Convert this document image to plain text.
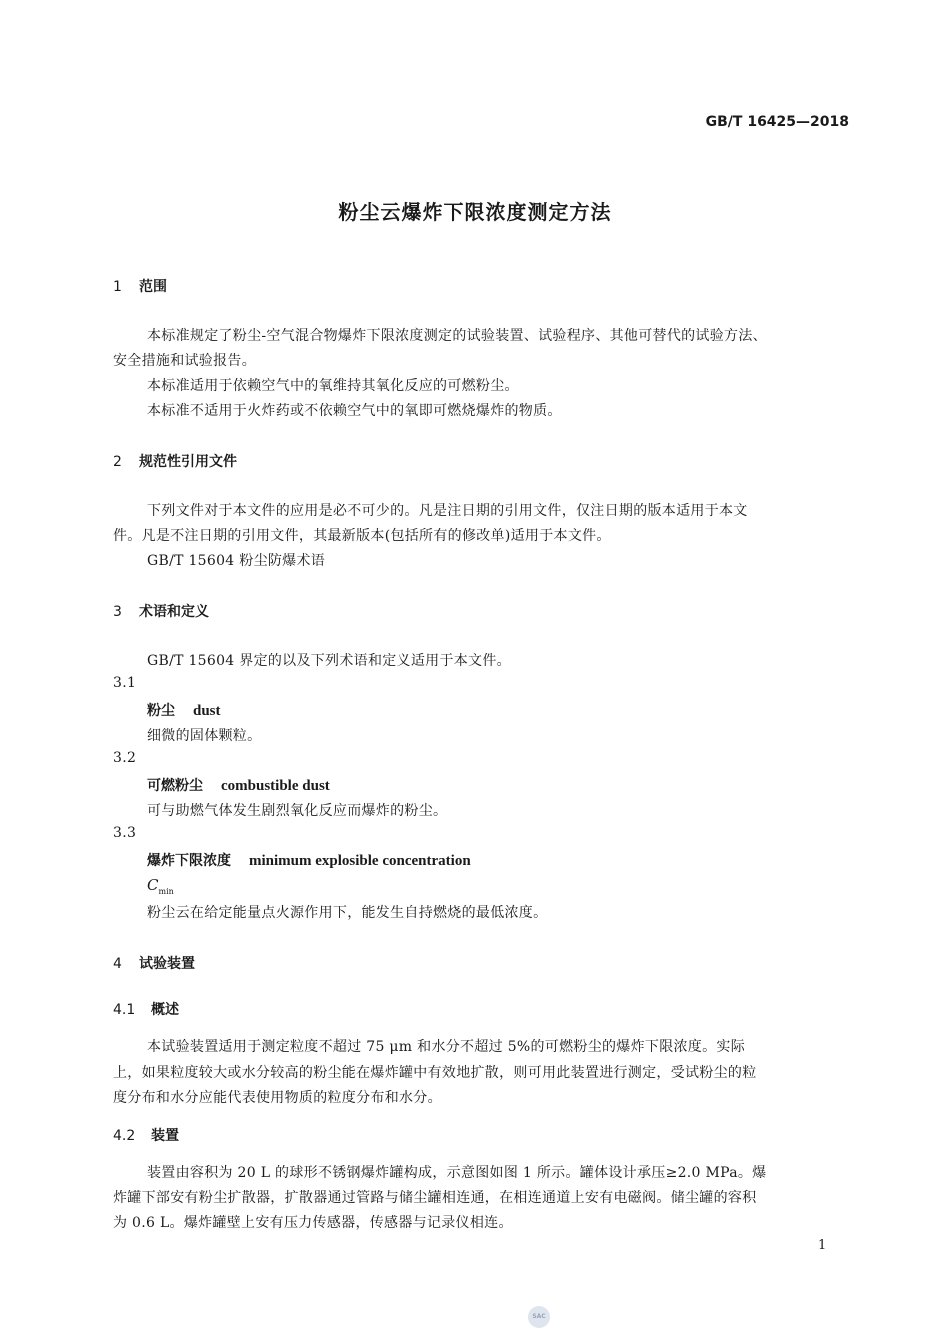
GB/T 16425—2018
粉尘云爆炸下限浓度测定方法
1 范围
本标准规定了粉尘-空气混合物爆炸下限浓度测定的试验装置、试验程序、其他可替代的试验方法、
安全措施和试验报告。
本标准适用于依赖空气中的氧维持其氧化反应的可燃粉尘。
本标准不适用于火炸药或不依赖空气中的氧即可燃烧爆炸的物质。
2 规范性引用文件
下列文件对于本文件的应用是必不可少的。凡是注日期的引用文件，仅注日期的版本适用于本文
件。凡是不注日期的引用文件，其最新版本(包括所有的修改单)适用于本文件。
GB/T 15604 粉尘防爆术语
3 术语和定义
GB/T 15604 界定的以及下列术语和定义适用于本文件。
3.1
粉尘 dust
细微的固体颗粒。
3.2
可燃粉尘 combustible dust
可与助燃气体发生剧烈氧化反应而爆炸的粉尘。
3.3
爆炸下限浓度 minimum explosible concentration
$C_{min}$
粉尘云在给定能量点火源作用下，能发生自持燃烧的最低浓度。
4 试验装置
4.1 概述
本试验装置适用于测定粒度不超过 75 μm 和水分不超过 5%的可燃粉尘的爆炸下限浓度。实际
上，如果粒度较大或水分较高的粉尘能在爆炸罐中有效地扩散，则可用此装置进行测定，受试粉尘的粒
度分布和水分应能代表使用物质的粒度分布和水分。
4.2 装置
装置由容积为 20 L 的球形不锈钢爆炸罐构成，示意图如图 1 所示。罐体设计承压≥2.0 MPa。爆
炸罐下部安有粉尘扩散器，扩散器通过管路与储尘罐相连通，在相连通道上安有电磁阀。储尘罐的容积
为 0.6 L。爆炸罐壁上安有压力传感器，传感器与记录仪相连。
1
SAC
